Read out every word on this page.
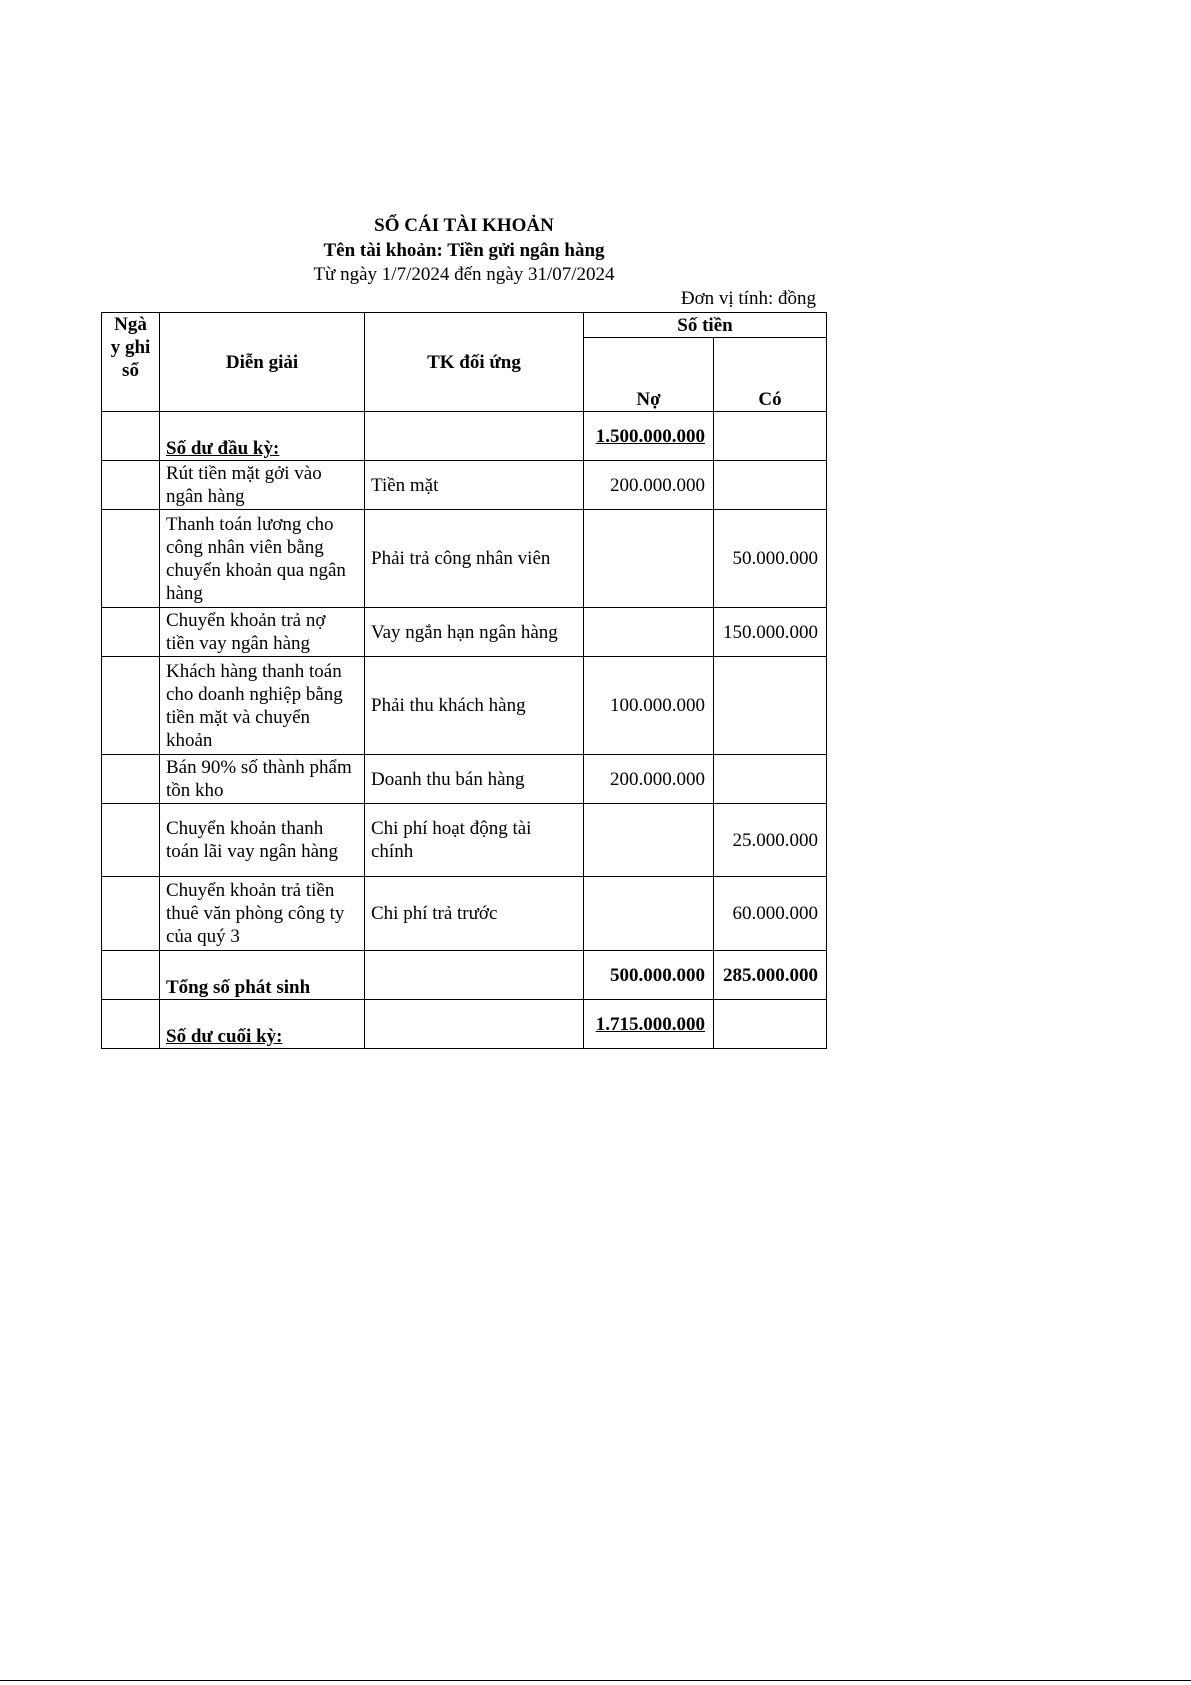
SỔ CÁI TÀI KHOẢN
Tên tài khoản: Tiền gửi ngân hàng
Từ ngày 1/7/2024 đến ngày 31/07/2024
Đơn vị tính: đồng
Ngày ghi sổ	Diễn giải	TK đối ứng	Số tiền	
			Nợ	Có
	Số dư đầu kỳ:		1.500.000.000	
	Rút tiền mặt gởi vào ngân hàng	Tiền mặt	200.000.000	
	Thanh toán lương cho công nhân viên bằng chuyển khoản qua ngân hàng	Phải trả công nhân viên		50.000.000
	Chuyển khoản trả nợ tiền vay ngân hàng	Vay ngắn hạn ngân hàng		150.000.000
	Khách hàng thanh toán cho doanh nghiệp bằng tiền mặt và chuyển khoản	Phải thu khách hàng	100.000.000	
	Bán 90% số thành phẩm tồn kho	Doanh thu bán hàng	200.000.000	
	Chuyển khoản thanh toán lãi vay ngân hàng	Chi phí hoạt động tài chính		25.000.000
	Chuyển khoản trả tiền thuê văn phòng công ty của quý 3	Chi phí trả trước		60.000.000
	Tổng số phát sinh		500.000.000	285.000.000
	Số dư cuối kỳ:		1.715.000.000	
